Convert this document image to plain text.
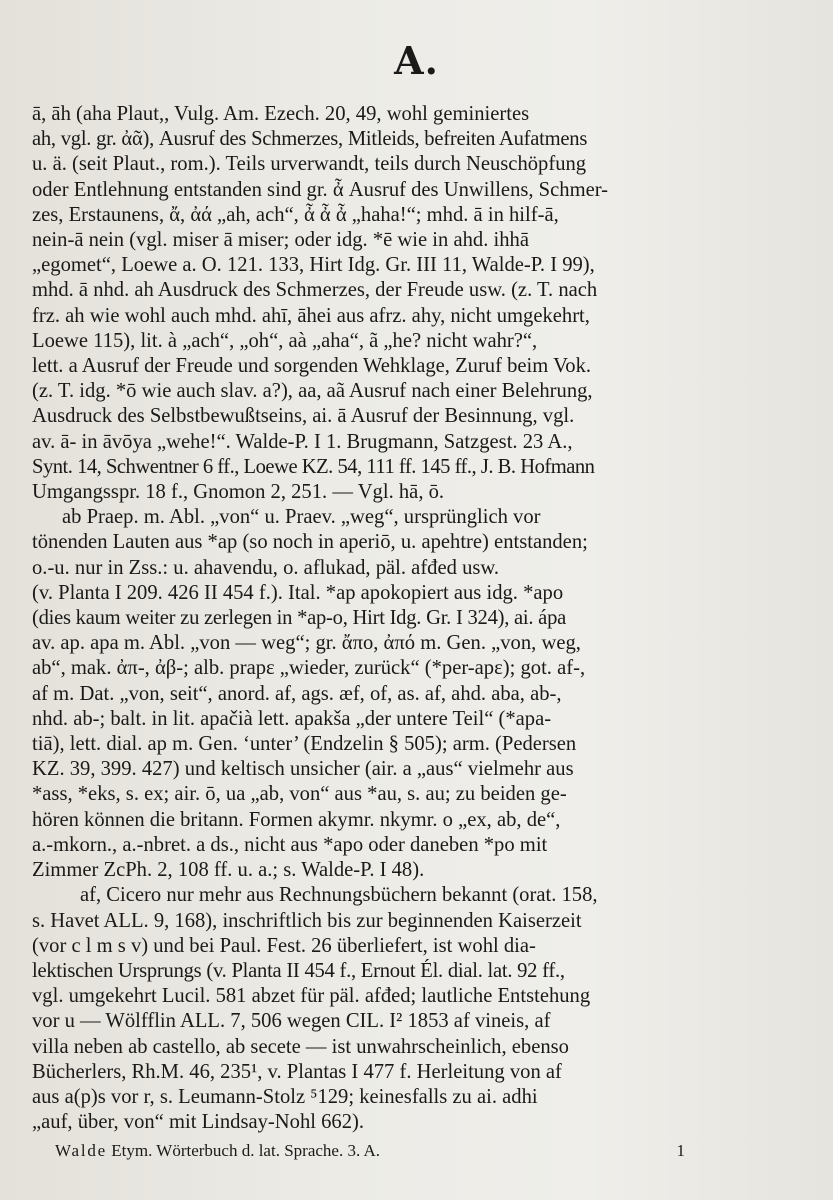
A.
ā, āh (aha Plaut,, Vulg. Am. Ezech. 20, 49, wohl geminiertes
ah, vgl. gr. ἀᾶ), Ausruf des Schmerzes, Mitleids, befreiten Aufatmens
u. ä. (seit Plaut., rom.). Teils urverwandt, teils durch Neuschöpfung
oder Entlehnung entstanden sind gr. ἆ Ausruf des Unwillens, Schmer-
zes, Erstaunens, ἄ, ἀά „ah, ach“, ἆ ἆ ἆ „haha!“; mhd. ā in hilf-ā,
nein-ā nein (vgl. miser ā miser; oder idg. *ē wie in ahd. ihhā
„egomet“, Loewe a. O. 121. 133, Hirt Idg. Gr. III 11, Walde-P. I 99),
mhd. ā nhd. ah Ausdruck des Schmerzes, der Freude usw. (z. T. nach
frz. ah wie wohl auch mhd. ahī, āhei aus afrz. ahy, nicht umgekehrt,
Loewe 115), lit. à „ach“, „oh“, aà „aha“, ã „he? nicht wahr?“,
lett. a Ausruf der Freude und sorgenden Wehklage, Zuruf beim Vok.
(z. T. idg. *ō wie auch slav. a?), aa, aã Ausruf nach einer Belehrung,
Ausdruck des Selbstbewußtseins, ai. ā Ausruf der Besinnung, vgl.
av. ā- in āvōya „wehe!“. Walde-P. I 1. Brugmann, Satzgest. 23 A.,
Synt. 14, Schwentner 6 ff., Loewe KZ. 54, 111 ff. 145 ff., J. B. Hofmann
Umgangsspr. 18 f., Gnomon 2, 251. — Vgl. hā, ō.
ab Praep. m. Abl. „von“ u. Praev. „weg“, ursprünglich vor
tönenden Lauten aus *ap (so noch in aperiō, u. apehtre) entstanden;
o.-u. nur in Zss.: u. ahavendu, o. aflukad, päl. afđed usw.
(v. Planta I 209. 426 II 454 f.). Ital. *ap apokopiert aus idg. *apo
(dies kaum weiter zu zerlegen in *ap-o, Hirt Idg. Gr. I 324), ai. ápa
av. ap. apa m. Abl. „von — weg“; gr. ἄπο, ἀπό m. Gen. „von, weg,
ab“, mak. ἀπ-, ἀβ-; alb. prapε „wieder, zurück“ (*per-apε); got. af-,
af m. Dat. „von, seit“, anord. af, ags. æf, of, as. af, ahd. aba, ab-,
nhd. ab-; balt. in lit. apačià lett. apakša „der untere Teil“ (*apa-
tiā), lett. dial. ap m. Gen. ‘unter’ (Endzelin § 505); arm. (Pedersen
KZ. 39, 399. 427) und keltisch unsicher (air. a „aus“ vielmehr aus
*ass, *eks, s. ex; air. ō, ua „ab, von“ aus *au, s. au; zu beiden ge-
hören können die britann. Formen akymr. nkymr. o „ex, ab, de“,
a.-mkorn., a.-nbret. a ds., nicht aus *apo oder daneben *po mit
Zimmer ZcPh. 2, 108 ff. u. a.; s. Walde-P. I 48).
af, Cicero nur mehr aus Rechnungsbüchern bekannt (orat. 158,
s. Havet ALL. 9, 168), inschriftlich bis zur beginnenden Kaiserzeit
(vor c l m s v) und bei Paul. Fest. 26 überliefert, ist wohl dia-
lektischen Ursprungs (v. Planta II 454 f., Ernout Él. dial. lat. 92 ff.,
vgl. umgekehrt Lucil. 581 abzet für päl. afđed; lautliche Entstehung
vor u — Wölfflin ALL. 7, 506 wegen CIL. I² 1853 af vineis, af
villa neben ab castello, ab secete — ist unwahrscheinlich, ebenso
Bücherlers, Rh.M. 46, 235¹, v. Plantas I 477 f. Herleitung von af
aus a(p)s vor r, s. Leumann-Stolz ⁵129; keinesfalls zu ai. adhi
„auf, über, von“ mit Lindsay-Nohl 662).
Walde Etym. Wörterbuch d. lat. Sprache. 3. A.	1
